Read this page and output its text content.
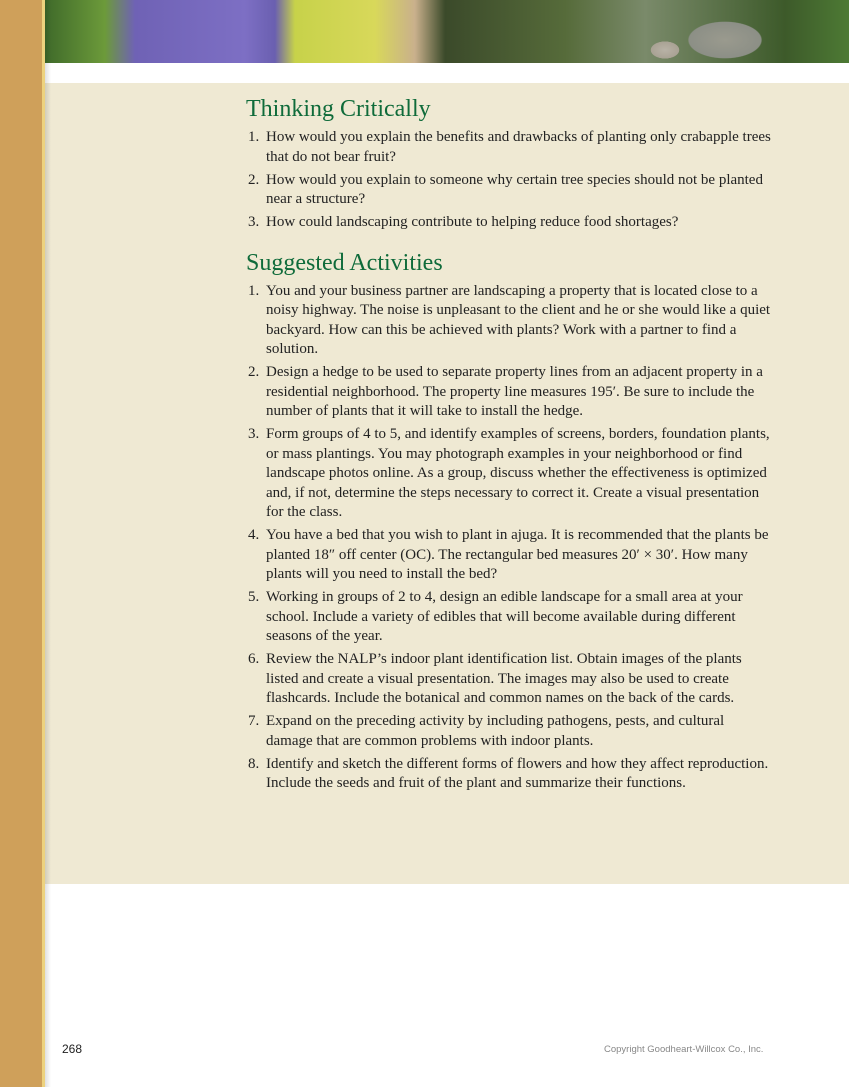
Thinking Critically
1. How would you explain the benefits and drawbacks of planting only crabapple trees that do not bear fruit?
2. How would you explain to someone why certain tree species should not be planted near a structure?
3. How could landscaping contribute to helping reduce food shortages?
Suggested Activities
1. You and your business partner are landscaping a property that is located close to a noisy highway. The noise is unpleasant to the client and he or she would like a quiet backyard. How can this be achieved with plants? Work with a partner to find a solution.
2. Design a hedge to be used to separate property lines from an adjacent property in a residential neighborhood. The property line measures 195′. Be sure to include the number of plants that it will take to install the hedge.
3. Form groups of 4 to 5, and identify examples of screens, borders, foundation plants, or mass plantings. You may photograph examples in your neighborhood or find landscape photos online. As a group, discuss whether the effectiveness is optimized and, if not, determine the steps necessary to correct it. Create a visual presentation for the class.
4. You have a bed that you wish to plant in ajuga. It is recommended that the plants be planted 18″ off center (OC). The rectangular bed measures 20′ × 30′. How many plants will you need to install the bed?
5. Working in groups of 2 to 4, design an edible landscape for a small area at your school. Include a variety of edibles that will become available during different seasons of the year.
6. Review the NALP’s indoor plant identification list. Obtain images of the plants listed and create a visual presentation. The images may also be used to create flashcards. Include the botanical and common names on the back of the cards.
7. Expand on the preceding activity by including pathogens, pests, and cultural damage that are common problems with indoor plants.
8. Identify and sketch the different forms of flowers and how they affect reproduction. Include the seeds and fruit of the plant and summarize their functions.
268	Copyright Goodheart-Willcox Co., Inc.
